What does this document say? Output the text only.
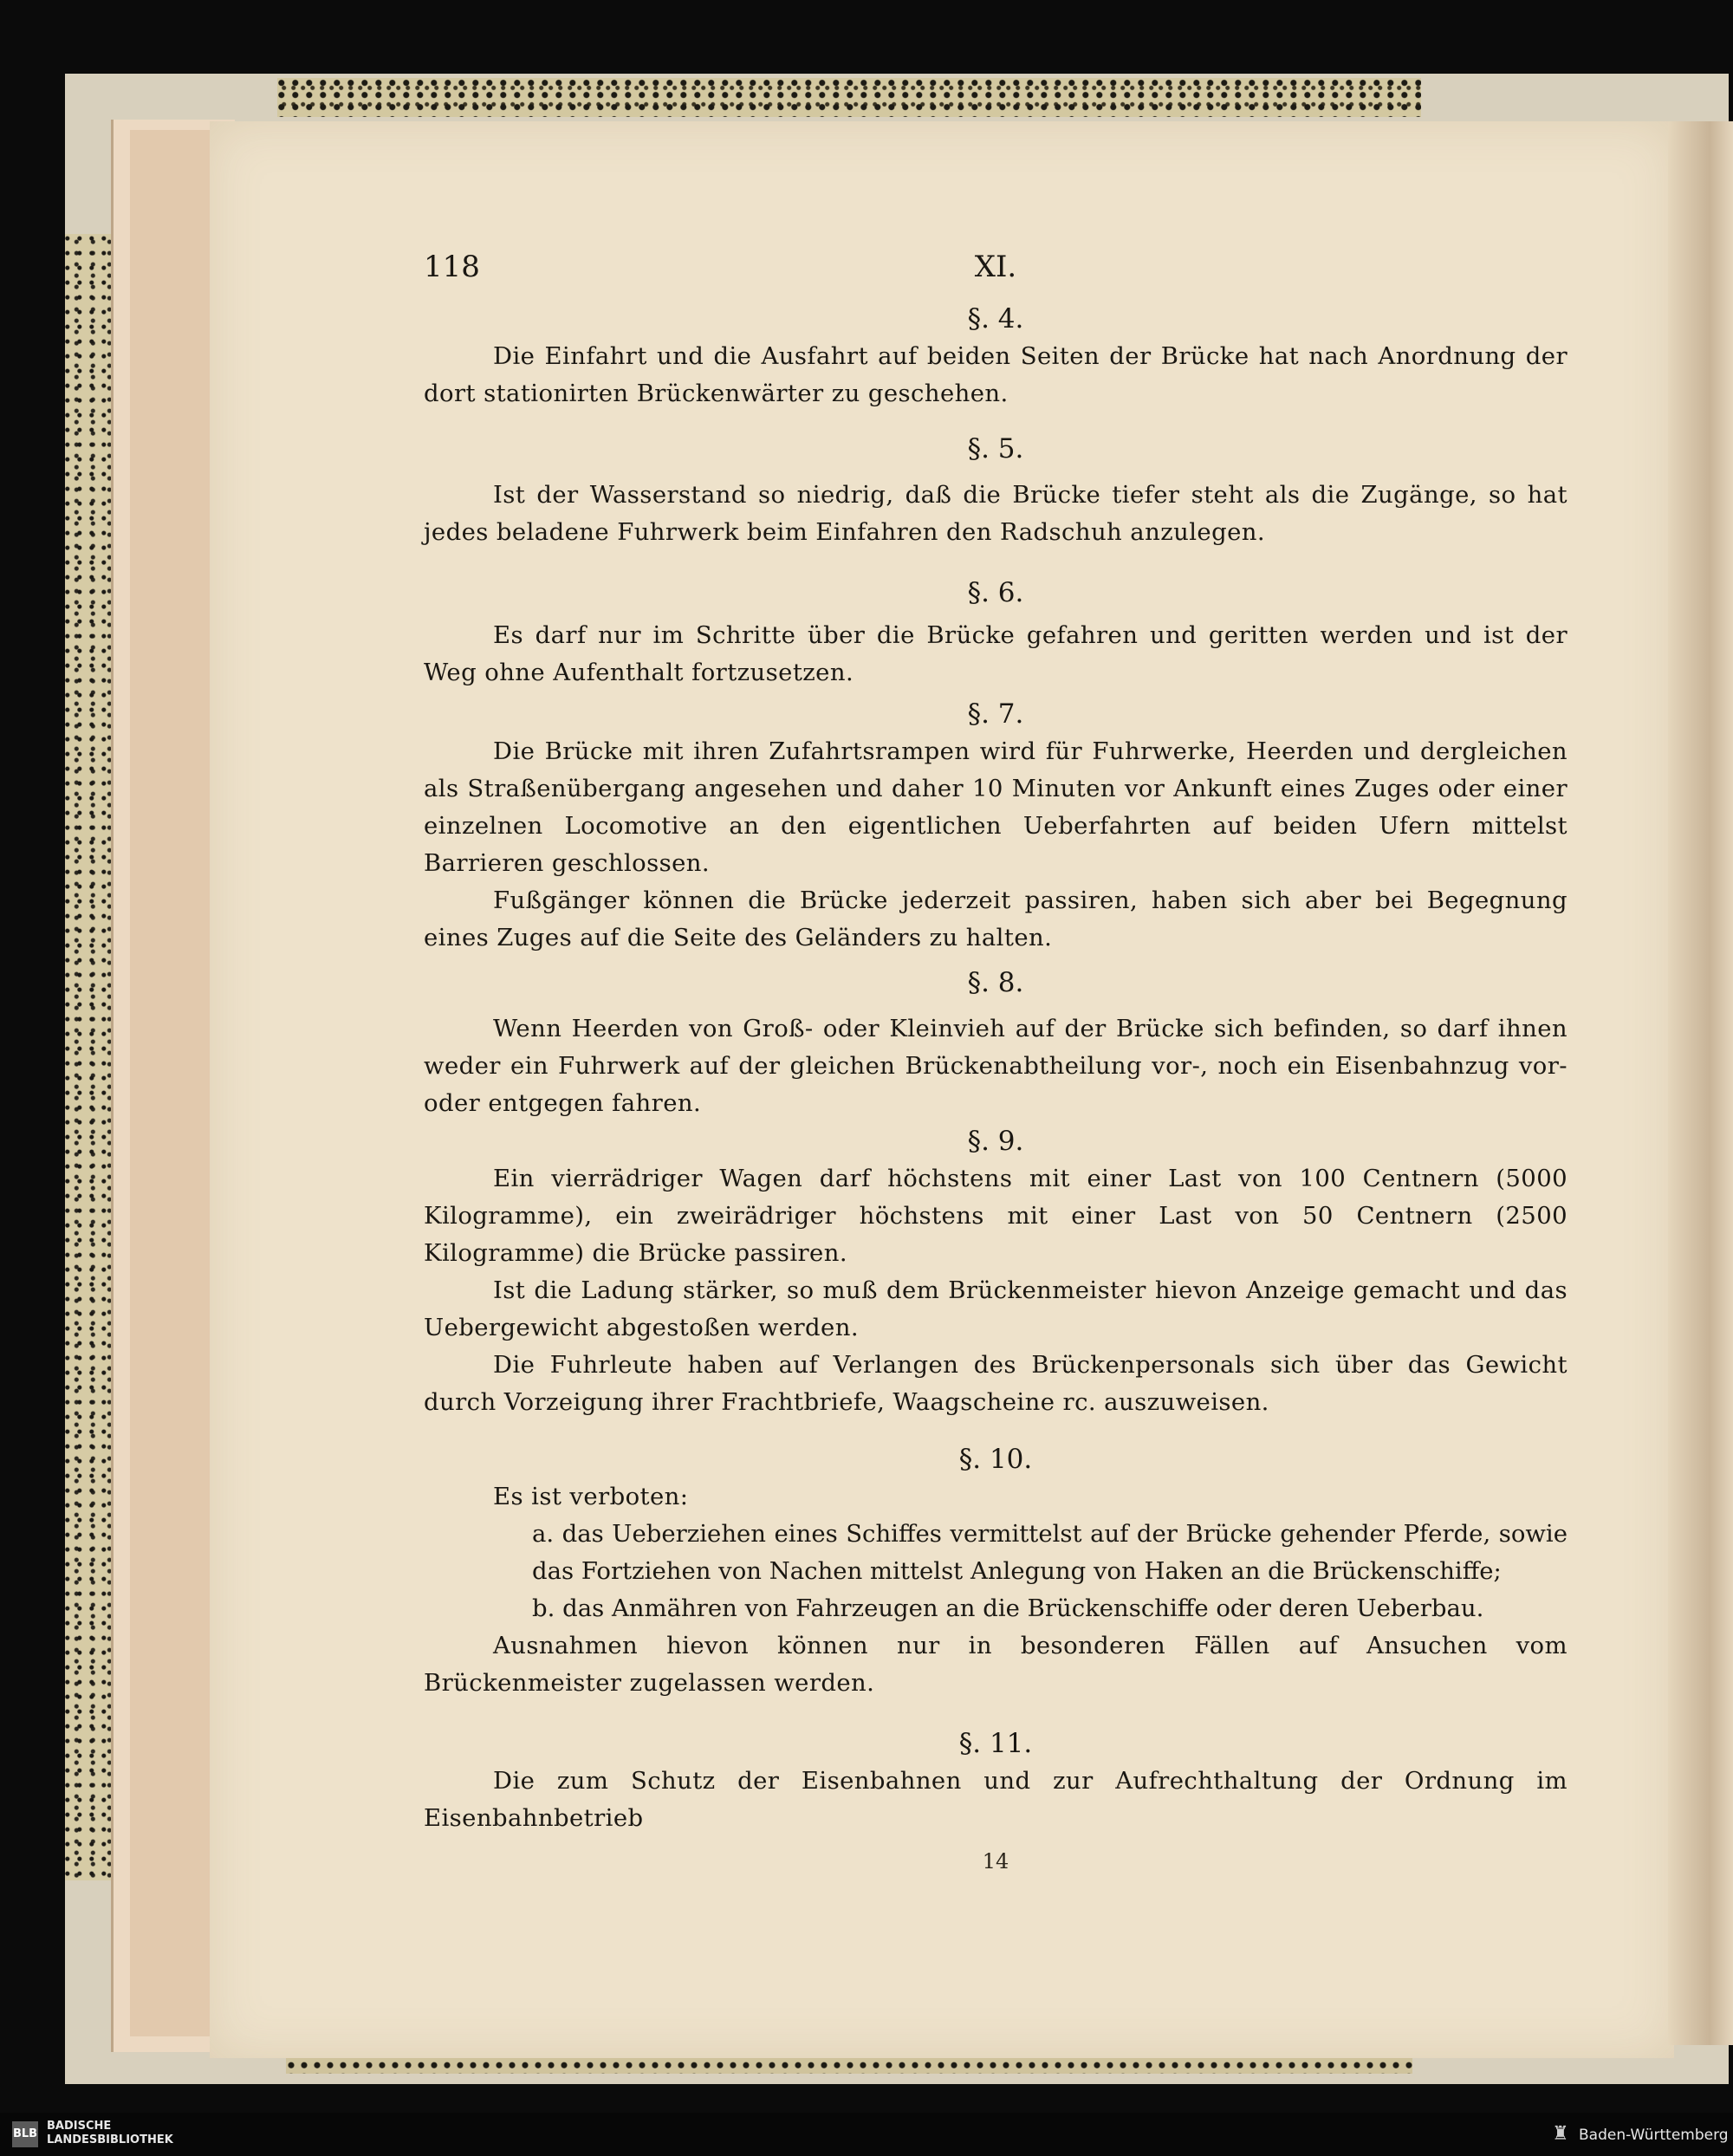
118	XI.

§. 4.

Die Einfahrt und die Ausfahrt auf beiden Seiten der Brücke hat nach Anordnung der dort stationirten Brückenwärter zu geschehen.

§. 5.

Ist der Wasserstand so niedrig, daß die Brücke tiefer steht als die Zugänge, so hat jedes beladene Fuhrwerk beim Einfahren den Radschuh anzulegen.

§. 6.

Es darf nur im Schritte über die Brücke gefahren und geritten werden und ist der Weg ohne Aufenthalt fortzusetzen.

§. 7.

Die Brücke mit ihren Zufahrtsrampen wird für Fuhrwerke, Heerden und dergleichen als Straßenübergang angesehen und daher 10 Minuten vor Ankunft eines Zuges oder einer einzelnen Locomotive an den eigentlichen Ueberfahrten auf beiden Ufern mittelst Barrieren geschlossen.

Fußgänger können die Brücke jederzeit passiren, haben sich aber bei Begegnung eines Zuges auf die Seite des Geländers zu halten.

§. 8.

Wenn Heerden von Groß- oder Kleinvieh auf der Brücke sich befinden, so darf ihnen weder ein Fuhrwerk auf der gleichen Brückenabtheilung vor-, noch ein Eisenbahnzug vor- oder entgegen fahren.

§. 9.

Ein vierrädriger Wagen darf höchstens mit einer Last von 100 Centnern (5000 Kilogramme), ein zweirädriger höchstens mit einer Last von 50 Centnern (2500 Kilogramme) die Brücke passiren.

Ist die Ladung stärker, so muß dem Brückenmeister hievon Anzeige gemacht und das Uebergewicht abgestoßen werden.

Die Fuhrleute haben auf Verlangen des Brückenpersonals sich über das Gewicht durch Vorzeigung ihrer Frachtbriefe, Waagscheine rc. auszuweisen.

§. 10.

Es ist verboten:

a. das Ueberziehen eines Schiffes vermittelst auf der Brücke gehender Pferde, sowie das Fortziehen von Nachen mittelst Anlegung von Haken an die Brückenschiffe;

b. das Anmähren von Fahrzeugen an die Brückenschiffe oder deren Ueberbau.

Ausnahmen hievon können nur in besonderen Fällen auf Ansuchen vom Brückenmeister zugelassen werden.

§. 11.

Die zum Schutz der Eisenbahnen und zur Aufrechthaltung der Ordnung im Eisenbahnbetrieb

14

BLB
BADISCHE
LANDESBIBLIOTHEK	♜ Baden-Württemberg
